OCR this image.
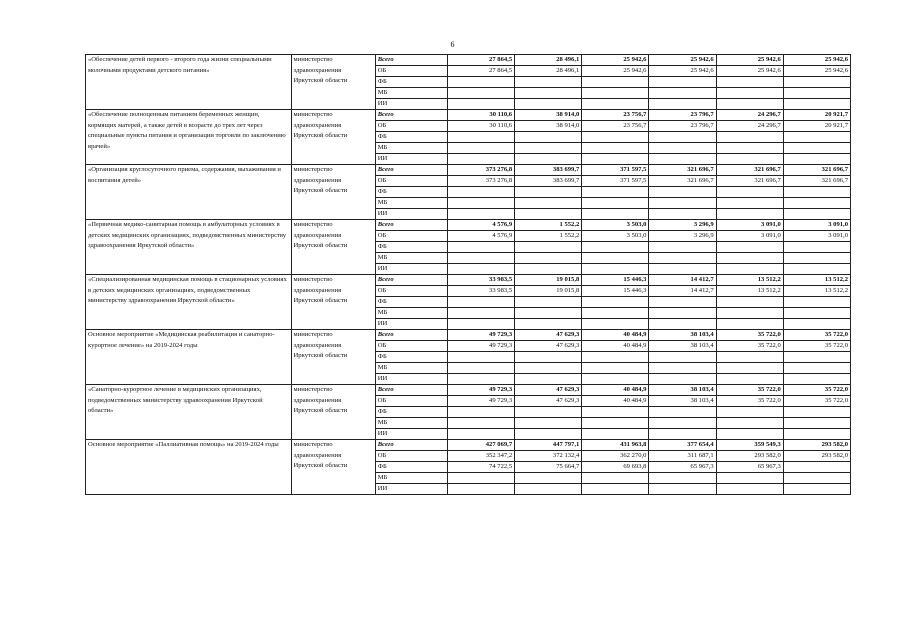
6
«Обеспечение детей первого - второго года жизни специальными молочными продуктами детского питания»	министерство здравоохранения Иркутской области	Всего	27 864,5	28 496,1	25 942,6	25 942,6	25 942,6	25 942,6
		ОБ	27 864,5	28 496,1	25 942,6	25 942,6	25 942,6	25 942,6
		ФБ						
		МБ						
		ИИ						
«Обеспечение полноценным питанием беременных женщин, кормящих матерей, а также детей в возрасте до трех лет через специальные пункты питания и организации торговли по заключению врачей»	министерство здравоохранения Иркутской области	Всего	30 110,6	38 914,0	23 756,7	23 796,7	24 296,7	20 921,7
		ОБ	30 110,6	38 914,0	23 756,7	23 796,7	24 296,7	20 921,7
		ФБ						
		МБ						
		ИИ						
«Организация круглосуточного приема, содержания, выхаживания и воспитания детей»	министерство здравоохранения Иркутской области	Всего	373 276,8	383 699,7	371 597,5	321 696,7	321 696,7	321 696,7
		ОБ	373 276,8	383 699,7	371 597,5	321 696,7	321 696,7	321 696,7
		ФБ						
		МБ						
		ИИ						
«Первичная медико-санитарная помощь в амбулаторных условиях в детских медицинских организациях, подведомственных министерству здравоохранения Иркутской области»	министерство здравоохранения Иркутской области	Всего	4 576,9	1 552,2	3 503,0	3 296,9	3 091,0	3 091,0
		ОБ	4 576,9	1 552,2	3 503,0	3 296,9	3 091,0	3 091,0
		ФБ						
		МБ						
		ИИ						
«Специализированная медицинская помощь в стационарных условиях в детских медицинских организациях, подведомственных министерству здравоохранения Иркутской области»	министерство здравоохранения Иркутской области	Всего	33 983,5	19 015,8	15 446,3	14 412,7	13 512,2	13 512,2
		ОБ	33 983,5	19 015,8	15 446,3	14 412,7	13 512,2	13 512,2
		ФБ						
		МБ						
		ИИ						
Основное мероприятие «Медицинская реабилитация и санаторно-курортное лечение» на 2019-2024 годы	министерство здравоохранения Иркутской области	Всего	49 729,3	47 629,3	40 484,9	38 103,4	35 722,0	35 722,0
		ОБ	49 729,3	47 629,3	40 484,9	38 103,4	35 722,0	35 722,0
		ФБ						
		МБ						
		ИИ						
«Санаторно-курортное лечение в медицинских организациях, подведомственных министерству здравоохранения Иркутской области»	министерство здравоохранения Иркутской области	Всего	49 729,3	47 629,3	40 484,9	38 103,4	35 722,0	35 722,0
		ОБ	49 729,3	47 629,3	40 484,9	38 103,4	35 722,0	35 722,0
		ФБ						
		МБ						
		ИИ						
Основное мероприятие «Паллиативная помощь» на 2019-2024 годы	министерство здравоохранения Иркутской области	Всего	427 069,7	447 797,1	431 963,8	377 654,4	359 549,3	293 582,0
		ОБ	352 347,2	372 132,4	362 270,0	311 687,1	293 582,0	293 582,0
		ФБ	74 722,5	75 664,7	69 693,8	65 967,3	65 967,3	
		МБ						
		ИИ						
